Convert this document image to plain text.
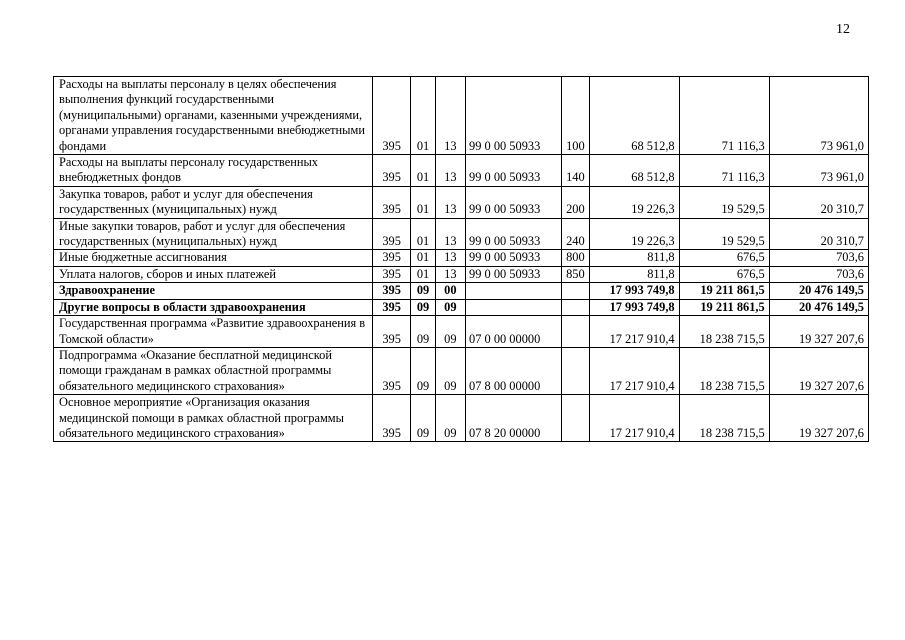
12
Расходы на выплаты персоналу в целях обеспечения выполнения функций государственными (муниципальными) органами, казенными учреждениями, органами управления государственными внебюджетными фондами	395	01	13	99 0 00 50933	100	68 512,8	71 116,3	73 961,0
Расходы на выплаты персоналу государственных внебюджетных фондов	395	01	13	99 0 00 50933	140	68 512,8	71 116,3	73 961,0
Закупка товаров, работ и услуг для обеспечения государственных (муниципальных) нужд	395	01	13	99 0 00 50933	200	19 226,3	19 529,5	20 310,7
Иные закупки товаров, работ и услуг для обеспечения государственных (муниципальных) нужд	395	01	13	99 0 00 50933	240	19 226,3	19 529,5	20 310,7
Иные бюджетные ассигнования	395	01	13	99 0 00 50933	800	811,8	676,5	703,6
Уплата налогов, сборов и иных платежей	395	01	13	99 0 00 50933	850	811,8	676,5	703,6
Здравоохранение	395	09	00			17 993 749,8	19 211 861,5	20 476 149,5
Другие вопросы в области здравоохранения	395	09	09			17 993 749,8	19 211 861,5	20 476 149,5
Государственная программа «Развитие здравоохранения в Томской области»	395	09	09	07 0 00 00000		17 217 910,4	18 238 715,5	19 327 207,6
Подпрограмма «Оказание бесплатной медицинской помощи гражданам в рамках областной программы обязательного медицинского страхования»	395	09	09	07 8 00 00000		17 217 910,4	18 238 715,5	19 327 207,6
Основное мероприятие «Организация оказания медицинской помощи в рамках областной программы обязательного медицинского страхования»	395	09	09	07 8 20 00000		17 217 910,4	18 238 715,5	19 327 207,6
